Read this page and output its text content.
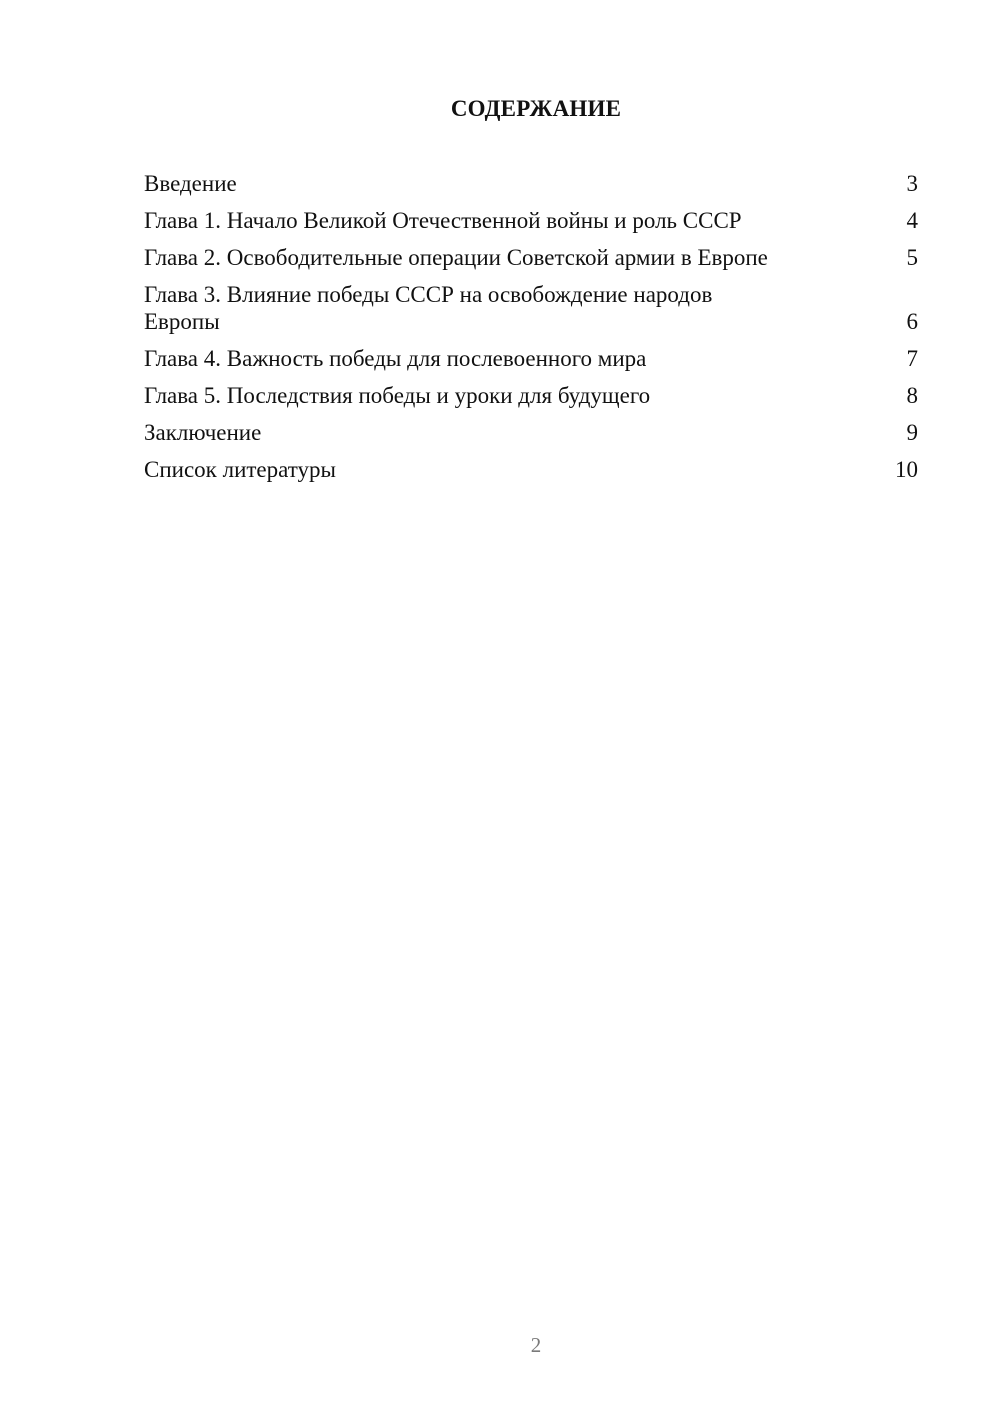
СОДЕРЖАНИЕ
Введение	3
Глава 1. Начало Великой Отечественной войны и роль СССР	4
Глава 2. Освободительные операции Советской армии в Европе	5
Глава 3. Влияние победы СССР на освобождение народов Европы	6
Глава 4. Важность победы для послевоенного мира	7
Глава 5. Последствия победы и уроки для будущего	8
Заключение	9
Список литературы	10
2
